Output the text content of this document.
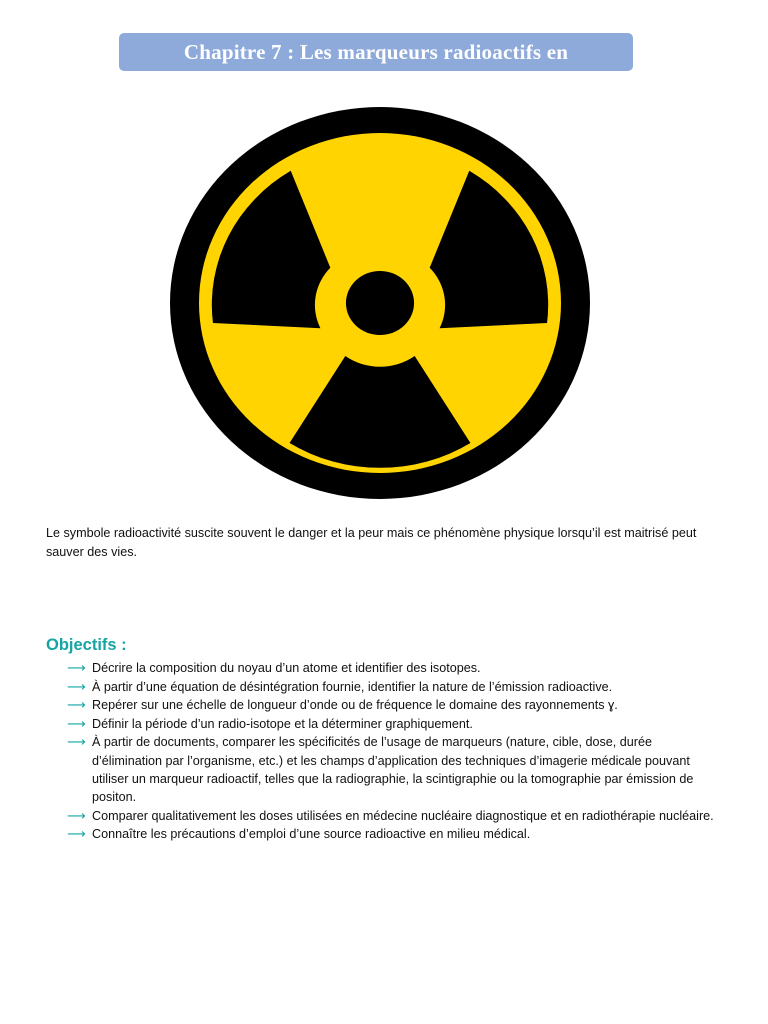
Chapitre 7 : Les marqueurs radioactifs en
Le symbole radioactivité suscite souvent le danger et la peur mais ce phénomène physique lorsqu’il est maitrisé peut sauver des vies.
Objectifs :
⟶ Décrire la composition du noyau d’un atome et identifier des isotopes.
⟶ À partir d’une équation de désintégration fournie, identifier la nature de l’émission radioactive.
⟶ Repérer sur une échelle de longueur d’onde ou de fréquence le domaine des rayonnements ɣ.
⟶ Définir la période d’un radio-isotope et la déterminer graphiquement.
⟶ À partir de documents, comparer les spécificités de l’usage de marqueurs (nature, cible, dose, durée d’élimination par l’organisme, etc.) et les champs d’application des techniques d’imagerie médicale pouvant utiliser un marqueur radioactif, telles que la radiographie, la scintigraphie ou la tomographie par émission de positon.
⟶ Comparer qualitativement les doses utilisées en médecine nucléaire diagnostique et en radiothérapie nucléaire.
⟶ Connaître les précautions d’emploi d’une source radioactive en milieu médical.
